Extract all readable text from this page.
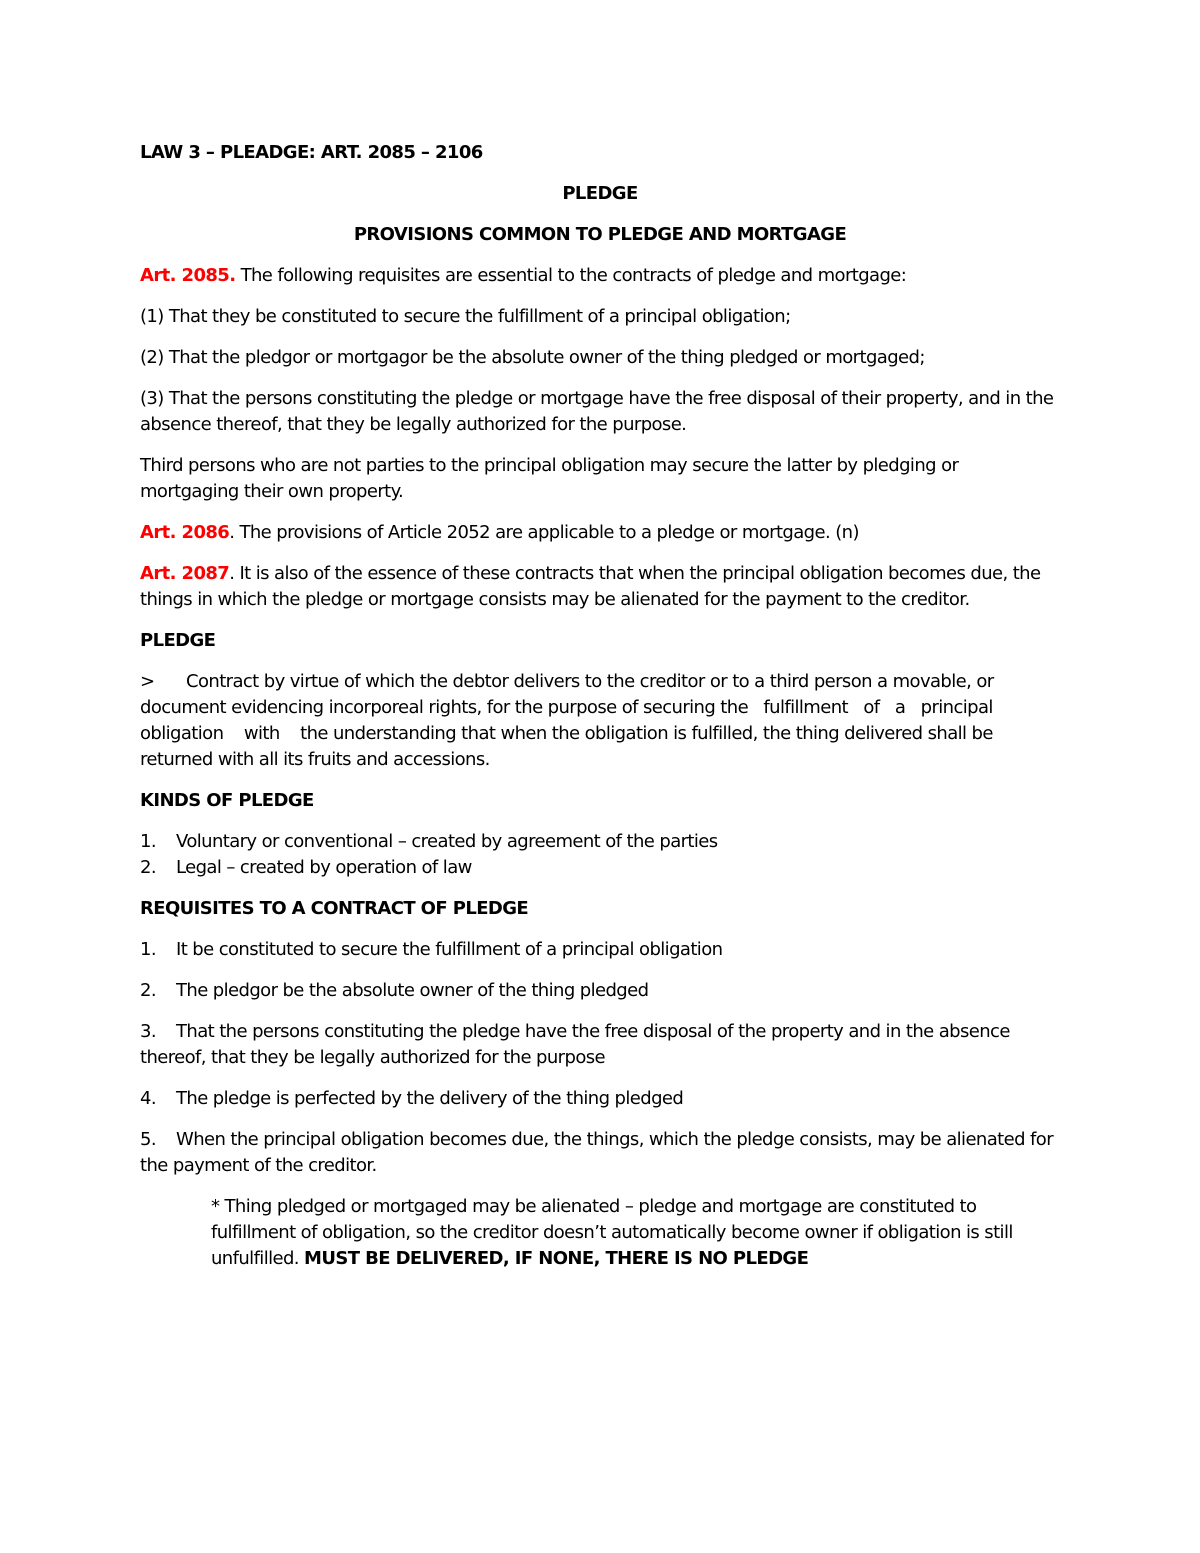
LAW 3 – PLEADGE: ART. 2085 – 2106

PLEDGE

PROVISIONS COMMON TO PLEDGE AND MORTGAGE

Art. 2085. The following requisites are essential to the contracts of pledge and mortgage:

(1) That they be constituted to secure the fulfillment of a principal obligation;

(2) That the pledgor or mortgagor be the absolute owner of the thing pledged or mortgaged;

(3) That the persons constituting the pledge or mortgage have the free disposal of their property, and in the absence thereof, that they be legally authorized for the purpose.

Third persons who are not parties to the principal obligation may secure the latter by pledging or mortgaging their own property.

Art. 2086. The provisions of Article 2052 are applicable to a pledge or mortgage. (n)

Art. 2087. It is also of the essence of these contracts that when the principal obligation becomes due, the things in which the pledge or mortgage consists may be alienated for the payment to the creditor.

PLEDGE

> Contract by virtue of which the debtor delivers to the creditor or to a third person a movable, or document evidencing incorporeal rights, for the purpose of securing the   fulfillment   of   a   principal obligation    with    the understanding that when the obligation is fulfilled, the thing delivered shall be returned with all its fruits and accessions.

KINDS OF PLEDGE

1.	Voluntary or conventional – created by agreement of the parties
2.	Legal – created by operation of law

REQUISITES TO A CONTRACT OF PLEDGE

1. It be constituted to secure the fulfillment of a principal obligation

2. The pledgor be the absolute owner of the thing pledged

3. That the persons constituting the pledge have the free disposal of the property and in the absence thereof, that they be legally authorized for the purpose

4. The pledge is perfected by the delivery of the thing pledged

5. When the principal obligation becomes due, the things, which the pledge consists, may be alienated for the payment of the creditor.

* Thing pledged or mortgaged may be alienated – pledge and mortgage are constituted to fulfillment of obligation, so the creditor doesn’t automatically become owner if obligation is still unfulfilled. MUST BE DELIVERED, IF NONE, THERE IS NO PLEDGE
